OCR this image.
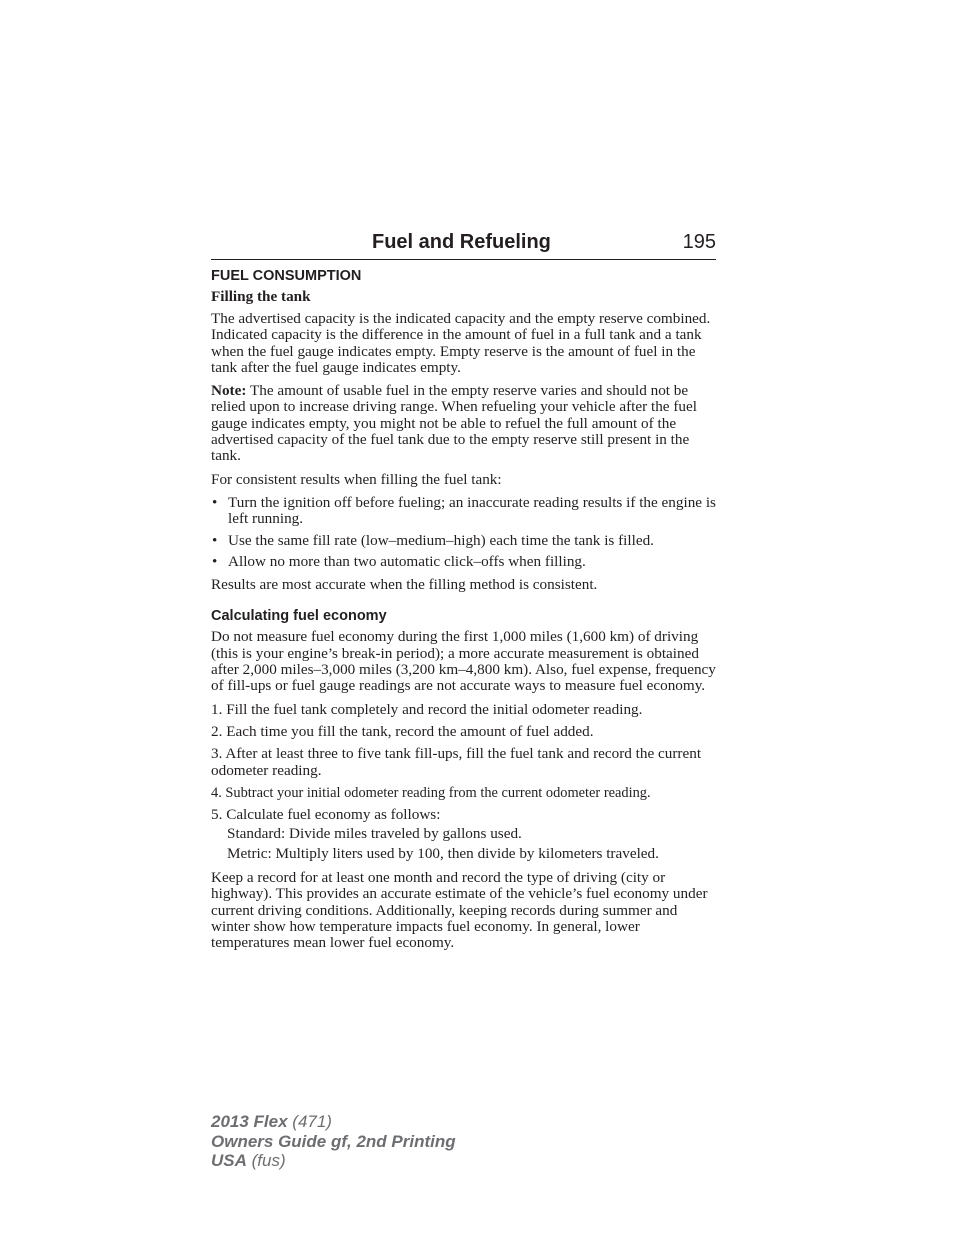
Fuel and Refueling	195
FUEL CONSUMPTION
Filling the tank

The advertised capacity is the indicated capacity and the empty reserve combined. Indicated capacity is the difference in the amount of fuel in a full tank and a tank when the fuel gauge indicates empty. Empty reserve is the amount of fuel in the tank after the fuel gauge indicates empty.

Note: The amount of usable fuel in the empty reserve varies and should not be relied upon to increase driving range. When refueling your vehicle after the fuel gauge indicates empty, you might not be able to refuel the full amount of the advertised capacity of the fuel tank due to the empty reserve still present in the tank.

For consistent results when filling the fuel tank:

• Turn the ignition off before fueling; an inaccurate reading results if the engine is left running.
• Use the same fill rate (low–medium–high) each time the tank is filled.
• Allow no more than two automatic click–offs when filling.

Results are most accurate when the filling method is consistent.

Calculating fuel economy

Do not measure fuel economy during the first 1,000 miles (1,600 km) of driving (this is your engine’s break-in period); a more accurate measurement is obtained after 2,000 miles–3,000 miles (3,200 km–4,800 km). Also, fuel expense, frequency of fill-ups or fuel gauge readings are not accurate ways to measure fuel economy.

1. Fill the fuel tank completely and record the initial odometer reading.
2. Each time you fill the tank, record the amount of fuel added.
3. After at least three to five tank fill-ups, fill the fuel tank and record the current odometer reading.
4. Subtract your initial odometer reading from the current odometer reading.
5. Calculate fuel economy as follows:
Standard: Divide miles traveled by gallons used.
Metric: Multiply liters used by 100, then divide by kilometers traveled.

Keep a record for at least one month and record the type of driving (city or highway). This provides an accurate estimate of the vehicle’s fuel economy under current driving conditions. Additionally, keeping records during summer and winter show how temperature impacts fuel economy. In general, lower temperatures mean lower fuel economy.

2013 Flex (471)
Owners Guide gf, 2nd Printing
USA (fus)
